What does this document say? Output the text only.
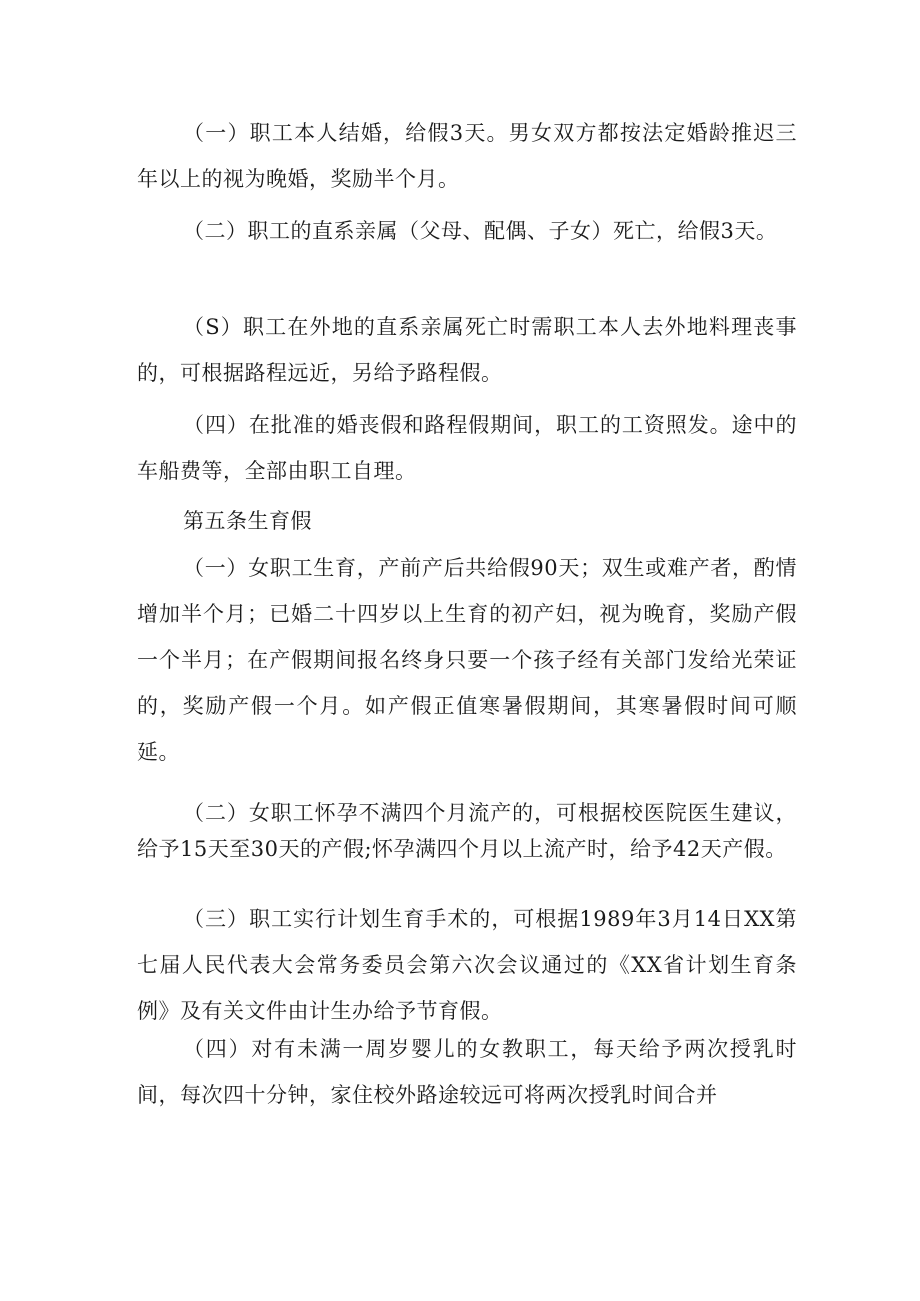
（一）职工本人结婚，给假3天。男女双方都按法定婚龄推迟三年以上的视为晚婚，奖励半个月。

（二）职工的直系亲属（父母、配偶、子女）死亡，给假3天。

（S）职工在外地的直系亲属死亡时需职工本人去外地料理丧事的，可根据路程远近，另给予路程假。

（四）在批准的婚丧假和路程假期间，职工的工资照发。途中的车船费等，全部由职工自理。

第五条生育假

（一）女职工生育，产前产后共给假90天；双生或难产者，酌情增加半个月；已婚二十四岁以上生育的初产妇，视为晚育，奖励产假一个半月；在产假期间报名终身只要一个孩子经有关部门发给光荣证的，奖励产假一个月。如产假正值寒暑假期间，其寒暑假时间可顺延。

（二）女职工怀孕不满四个月流产的，可根据校医院医生建议，给予15天至30天的产假;怀孕满四个月以上流产时，给予42天产假。

（三）职工实行计划生育手术的，可根据1989年3月14日XX第七届人民代表大会常务委员会第六次会议通过的《XX省计划生育条例》及有关文件由计生办给予节育假。

（四）对有未满一周岁婴儿的女教职工，每天给予两次授乳时间，每次四十分钟，家住校外路途较远可将两次授乳时间合并
